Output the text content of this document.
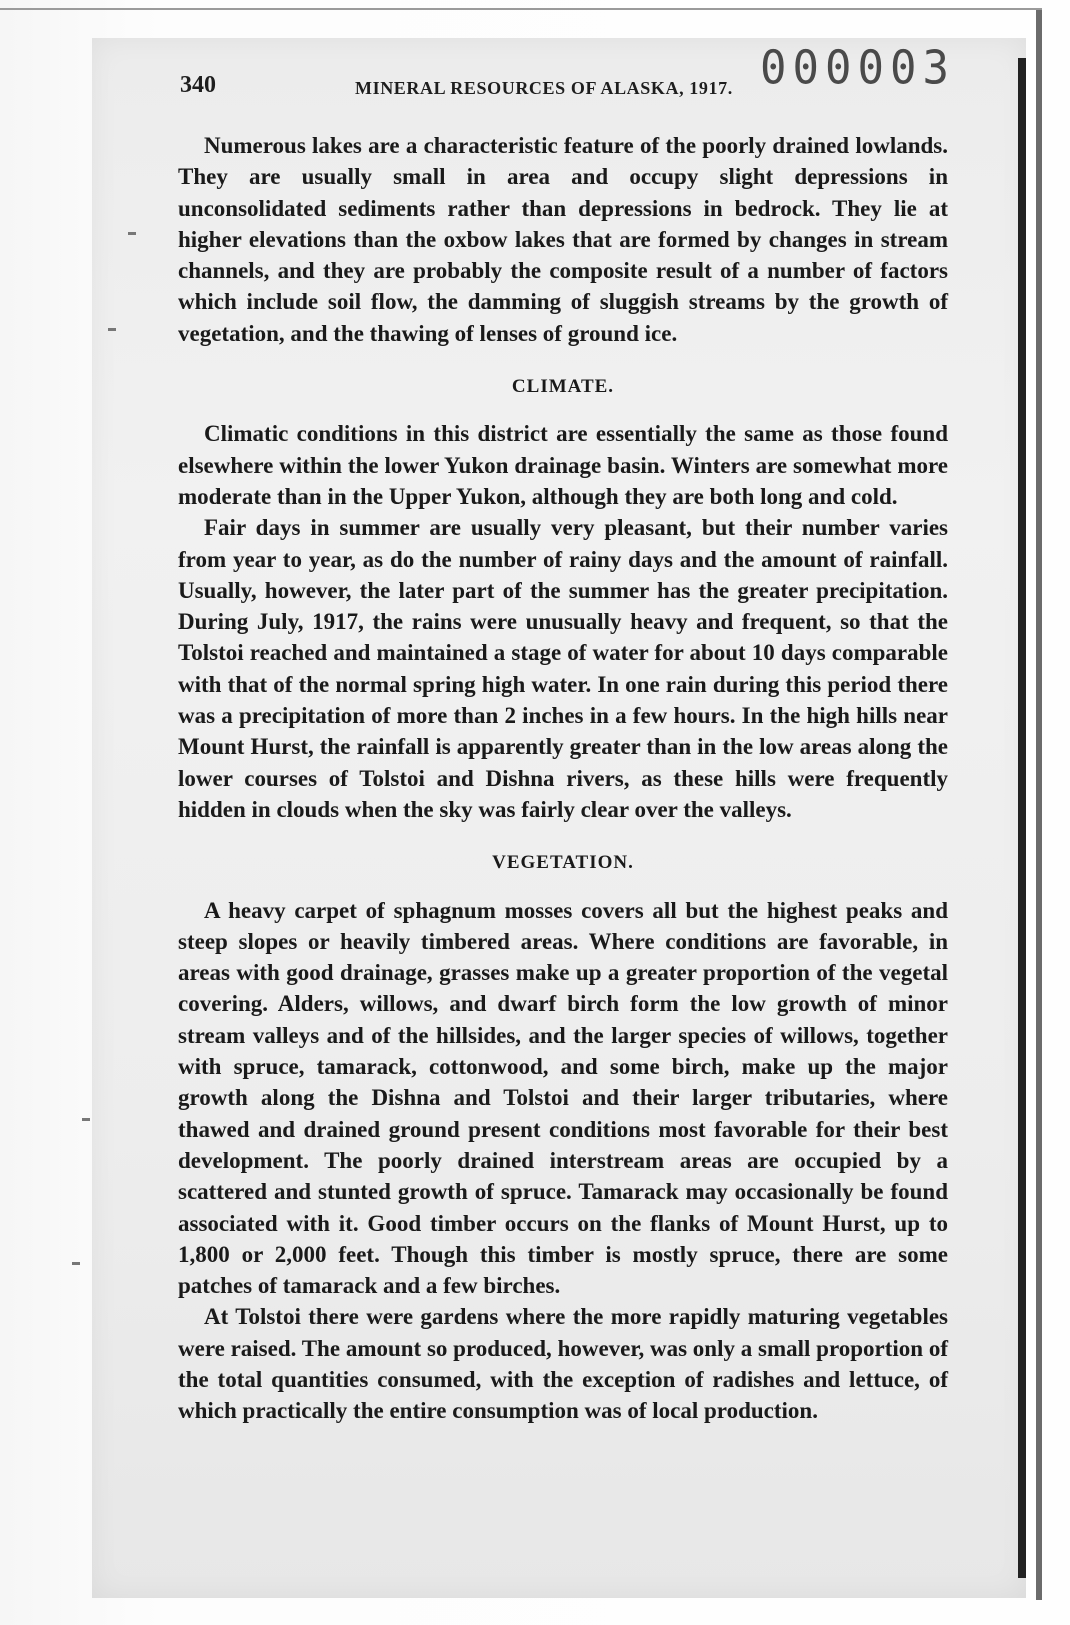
000003
340	MINERAL RESOURCES OF ALASKA, 1917.

Numerous lakes are a characteristic feature of the poorly drained lowlands. They are usually small in area and occupy slight depressions in unconsolidated sediments rather than depressions in bedrock. They lie at higher elevations than the oxbow lakes that are formed by changes in stream channels, and they are probably the composite result of a number of factors which include soil flow, the damming of sluggish streams by the growth of vegetation, and the thawing of lenses of ground ice.

CLIMATE.

Climatic conditions in this district are essentially the same as those found elsewhere within the lower Yukon drainage basin. Winters are somewhat more moderate than in the Upper Yukon, although they are both long and cold.

Fair days in summer are usually very pleasant, but their number varies from year to year, as do the number of rainy days and the amount of rainfall. Usually, however, the later part of the summer has the greater precipitation. During July, 1917, the rains were unusually heavy and frequent, so that the Tolstoi reached and maintained a stage of water for about 10 days comparable with that of the normal spring high water. In one rain during this period there was a precipitation of more than 2 inches in a few hours. In the high hills near Mount Hurst, the rainfall is apparently greater than in the low areas along the lower courses of Tolstoi and Dishna rivers, as these hills were frequently hidden in clouds when the sky was fairly clear over the valleys.

VEGETATION.

A heavy carpet of sphagnum mosses covers all but the highest peaks and steep slopes or heavily timbered areas. Where conditions are favorable, in areas with good drainage, grasses make up a greater proportion of the vegetal covering. Alders, willows, and dwarf birch form the low growth of minor stream valleys and of the hillsides, and the larger species of willows, together with spruce, tamarack, cottonwood, and some birch, make up the major growth along the Dishna and Tolstoi and their larger tributaries, where thawed and drained ground present conditions most favorable for their best development. The poorly drained interstream areas are occupied by a scattered and stunted growth of spruce. Tamarack may occasionally be found associated with it. Good timber occurs on the flanks of Mount Hurst, up to 1,800 or 2,000 feet. Though this timber is mostly spruce, there are some patches of tamarack and a few birches.

At Tolstoi there were gardens where the more rapidly maturing vegetables were raised. The amount so produced, however, was only a small proportion of the total quantities consumed, with the exception of radishes and lettuce, of which practically the entire consumption was of local production.
